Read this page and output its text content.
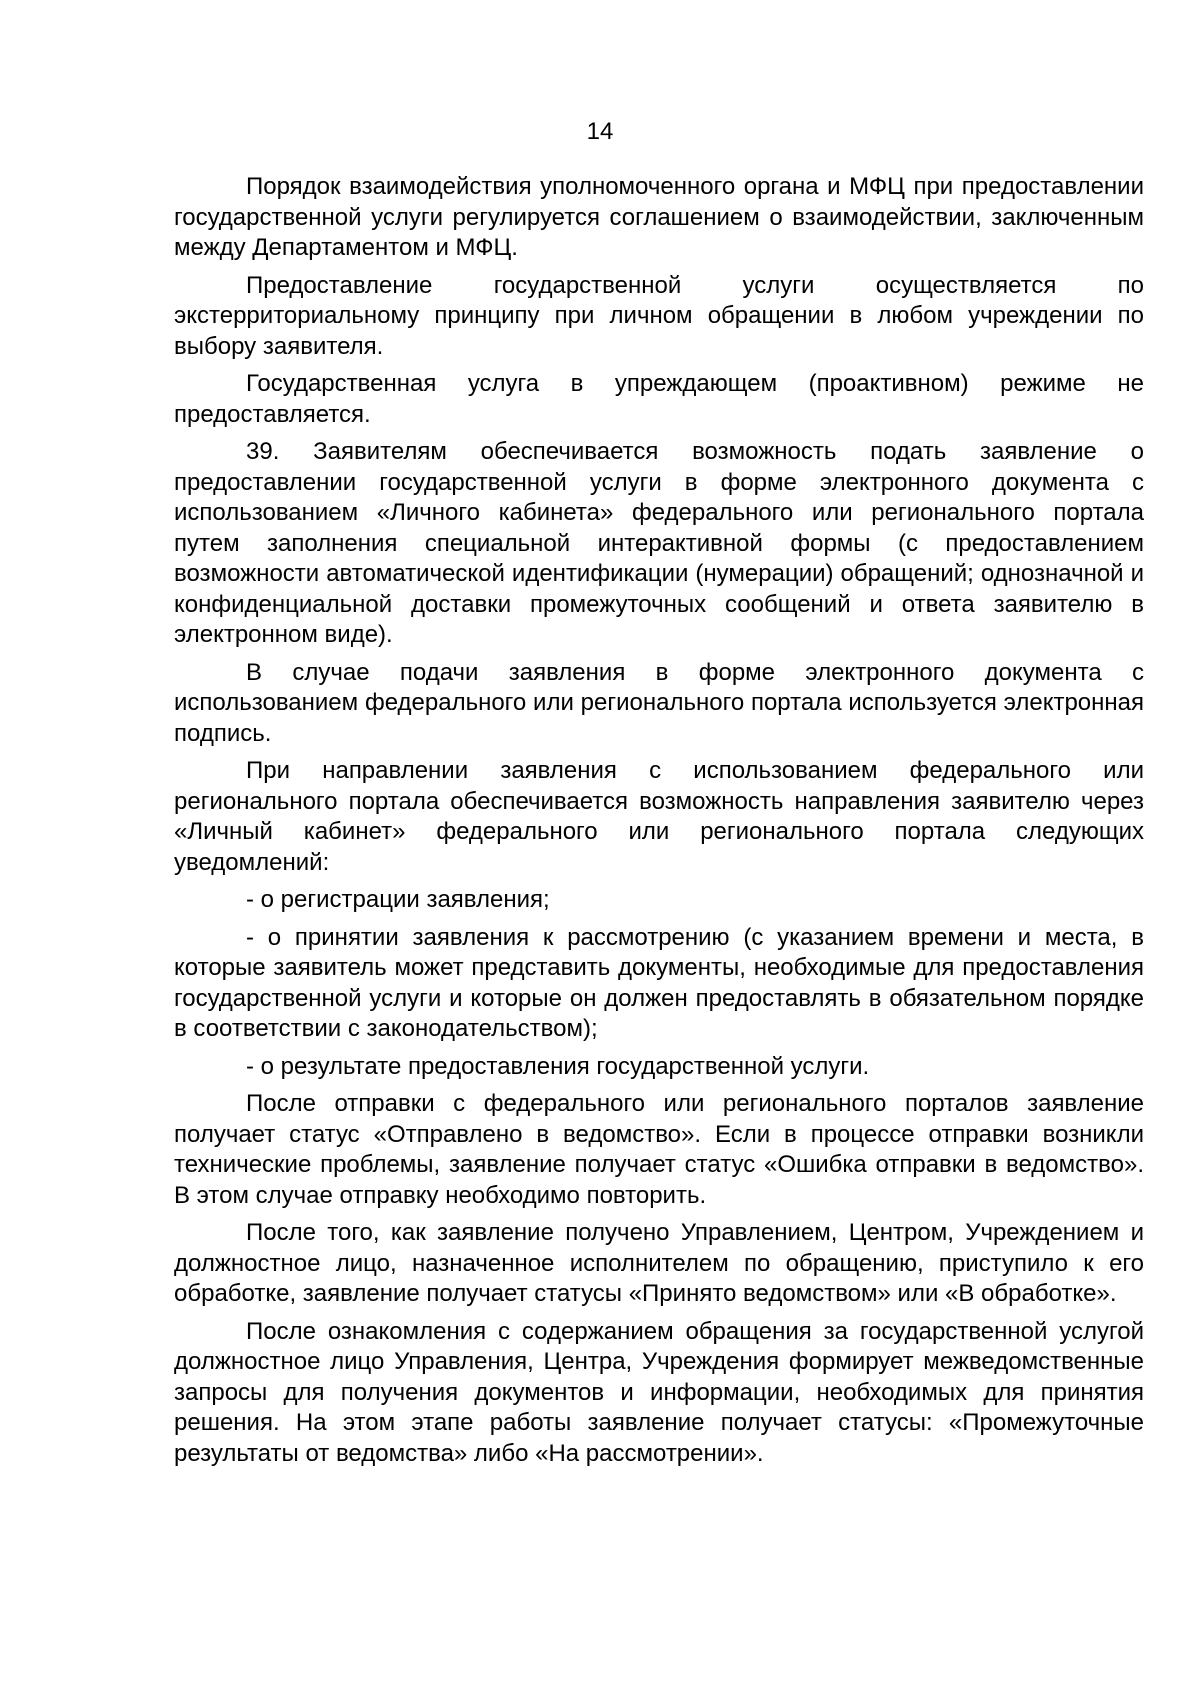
14

Порядок взаимодействия уполномоченного органа и МФЦ при предоставлении государственной услуги регулируется соглашением о взаимодействии, заключенным между Департаментом и МФЦ.

Предоставление государственной услуги осуществляется по экстерриториальному принципу при личном обращении в любом учреждении по выбору заявителя.

Государственная услуга в упреждающем (проактивном) режиме не предоставляется.

39. Заявителям обеспечивается возможность подать заявление о предоставлении государственной услуги в форме электронного документа с использованием «Личного кабинета» федерального или регионального портала путем заполнения специальной интерактивной формы (с предоставлением возможности автоматической идентификации (нумерации) обращений; однозначной и конфиденциальной доставки промежуточных сообщений и ответа заявителю в электронном виде).

В случае подачи заявления в форме электронного документа с использованием федерального или регионального портала используется электронная подпись.

При направлении заявления с использованием федерального или регионального портала обеспечивается возможность направления заявителю через «Личный кабинет» федерального или регионального портала следующих уведомлений:

- о регистрации заявления;

- о принятии заявления к рассмотрению (с указанием времени и места, в которые заявитель может представить документы, необходимые для предоставления государственной услуги и которые он должен предоставлять в обязательном порядке в соответствии с законодательством);

- о результате предоставления государственной услуги.

После отправки с федерального или регионального порталов заявление получает статус «Отправлено в ведомство». Если в процессе отправки возникли технические проблемы, заявление получает статус «Ошибка отправки в ведомство». В этом случае отправку необходимо повторить.

После того, как заявление получено Управлением, Центром, Учреждением и должностное лицо, назначенное исполнителем по обращению, приступило к его обработке, заявление получает статусы «Принято ведомством» или «В обработке».

После ознакомления с содержанием обращения за государственной услугой должностное лицо Управления, Центра, Учреждения формирует межведомственные запросы для получения документов и информации, необходимых для принятия решения. На этом этапе работы заявление получает статусы: «Промежуточные результаты от ведомства» либо «На рассмотрении».
